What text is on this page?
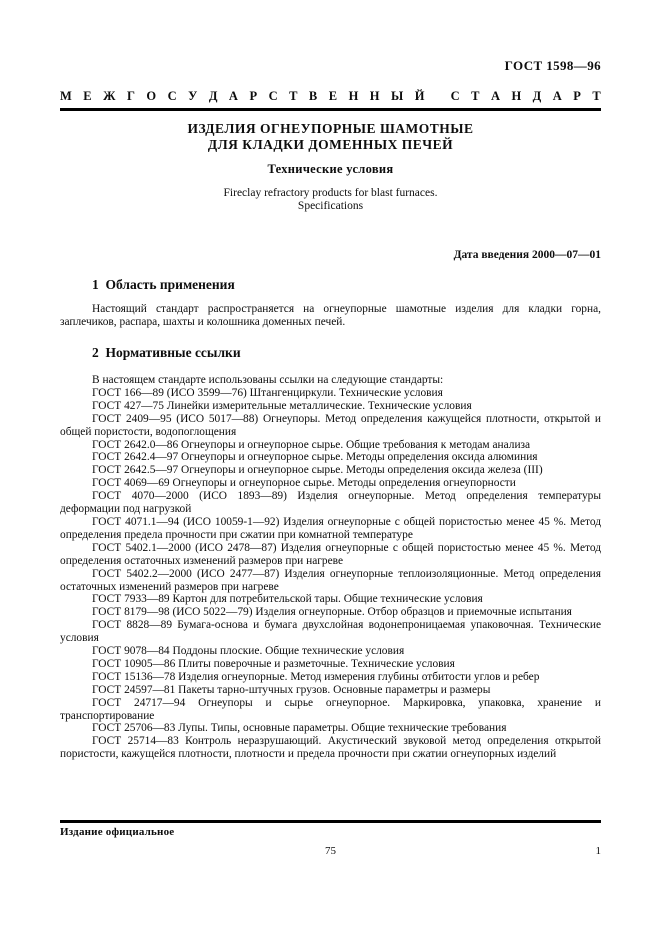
ГОСТ 1598—96
М Е Ж Г О С У Д А Р С Т В Е Н Н Ы Й
С Т А Н Д А Р Т
ИЗДЕЛИЯ ОГНЕУПОРНЫЕ ШАМОТНЫЕ
ДЛЯ КЛАДКИ ДОМЕННЫХ ПЕЧЕЙ
Технические условия
Fireclay refractory products for blast furnaces.
Specifications
Дата введения 2000—07—01
1  Область применения

Настоящий стандарт распространяется на огнеупорные шамотные изделия для кладки горна, заплечиков, распара, шахты и колошника доменных печей.

2  Нормативные ссылки

В настоящем стандарте использованы ссылки на следующие стандарты:

ГОСТ 166—89 (ИСО 3599—76) Штангенциркули. Технические условия

ГОСТ 427—75 Линейки измерительные металлические. Технические условия

ГОСТ 2409—95 (ИСО 5017—88) Огнеупоры. Метод определения кажущейся плотности, открытой и общей пористости, водопоглощения

ГОСТ 2642.0—86 Огнеупоры и огнеупорное сырье. Общие требования к методам анализа

ГОСТ 2642.4—97 Огнеупоры и огнеупорное сырье. Методы определения оксида алюминия

ГОСТ 2642.5—97 Огнеупоры и огнеупорное сырье. Методы определения оксида железа (III)

ГОСТ 4069—69 Огнеупоры и огнеупорное сырье. Методы определения огнеупорности

ГОСТ 4070—2000 (ИСО 1893—89) Изделия огнеупорные. Метод определения температуры деформации под нагрузкой

ГОСТ 4071.1—94 (ИСО 10059-1—92) Изделия огнеупорные с общей пористостью менее 45 %. Метод определения предела прочности при сжатии при комнатной температуре

ГОСТ 5402.1—2000 (ИСО 2478—87) Изделия огнеупорные с общей пористостью менее 45 %. Метод определения остаточных изменений размеров при нагреве

ГОСТ 5402.2—2000 (ИСО 2477—87) Изделия огнеупорные теплоизоляционные. Метод определения остаточных изменений размеров при нагреве

ГОСТ 7933—89 Картон для потребительской тары. Общие технические условия

ГОСТ 8179—98 (ИСО 5022—79) Изделия огнеупорные. Отбор образцов и приемочные испытания

ГОСТ 8828—89 Бумага-основа и бумага двухслойная водонепроницаемая упаковочная. Технические условия

ГОСТ 9078—84 Поддоны плоские. Общие технические условия

ГОСТ 10905—86 Плиты поверочные и разметочные. Технические условия

ГОСТ 15136—78 Изделия огнеупорные. Метод измерения глубины отбитости углов и ребер

ГОСТ 24597—81 Пакеты тарно-штучных грузов. Основные параметры и размеры

ГОСТ 24717—94 Огнеупоры и сырье огнеупорное. Маркировка, упаковка, хранение и транспортирование

ГОСТ 25706—83 Лупы. Типы, основные параметры. Общие технические требования

ГОСТ 25714—83 Контроль неразрушающий. Акустический звуковой метод определения открытой пористости, кажущейся плотности, плотности и предела прочности при сжатии огнеупорных изделий

Издание официальное
75	1
